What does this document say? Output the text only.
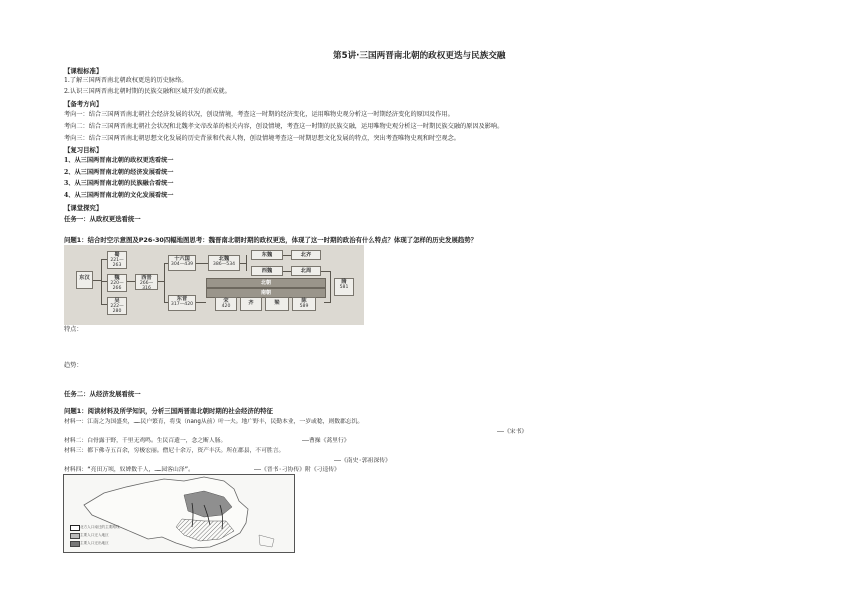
第5讲·三国两晋南北朝的政权更迭与民族交融
【课程标准】
1.了解三国两晋南北朝政权更迭的历史脉络。
2.认识三国两晋南北朝时期的民族交融和区域开发的新成就。
【备考方向】
考向一：结合三国两晋南北朝社会经济发展的状况，创设情境，考查这一时期的经济变化，运用唯物史观分析这一时期经济变化的原因及作用。
考向二：结合三国两晋南北朝社会状况和北魏孝文帝改革的相关内容，创设情境，考查这一时期的民族交融，运用唯物史观分析这一时期民族交融的原因及影响。
考向三：结合三国两晋南北朝思想文化发展的历史背景和代表人物，创设情境考查这一时期思想文化发展的特点，突出考查唯物史观和时空观念。
【复习目标】
1、从三国两晋南北朝的政权更迭看统一
2、从三国两晋南北朝的经济发展看统一
3、从三国两晋南北朝的民族融合看统一
4、从三国两晋南北朝的文化发展看统一
【课堂探究】
任务一：从政权更迭看统一
问题1：结合时空示意图及P26-30四幅地图思考：魏晋南北朝时期的政权更迭，体现了这一时期的政治有什么特点？体现了怎样的历史发展趋势？
东汉
蜀
221—263
魏
220—266
吴
222—280
西晋
266—316
十六国
304—439
北魏
386—534
东魏	北齐
西魏	北周
北朝
南朝
东晋
317—420
宋
420
齐	梁	陈
589
隋
581
特点：
趋势：
任务二：从经济发展看统一
问题1：阅读材料及所学知识，分析三国两晋南北朝时期的社会经济的特征
材料一：江南之为国盛矣，……民户繁育，将曳（nang从前）叶一夫。地广野丰，民勤本业，一岁或稔，则数郡忘饥。
——《宋书》
材料二：白骨露于野，千里无鸡鸣。生民百遗一，念之断人肠。	——曹操《蒿里行》
材料三：都下佛寺五百余，穷极宏丽。僧尼十余万，资产丰沃。所在郡县，不可胜言。
——《南史·郭祖深传》
材料四：“亮田万顷，奴婢数千人，……园客山泽”。	——《晋书·刁协传》附《刁逵传》
北方人口南迁的主要路线
主要人口迁入地区
主要人口迁出地区
